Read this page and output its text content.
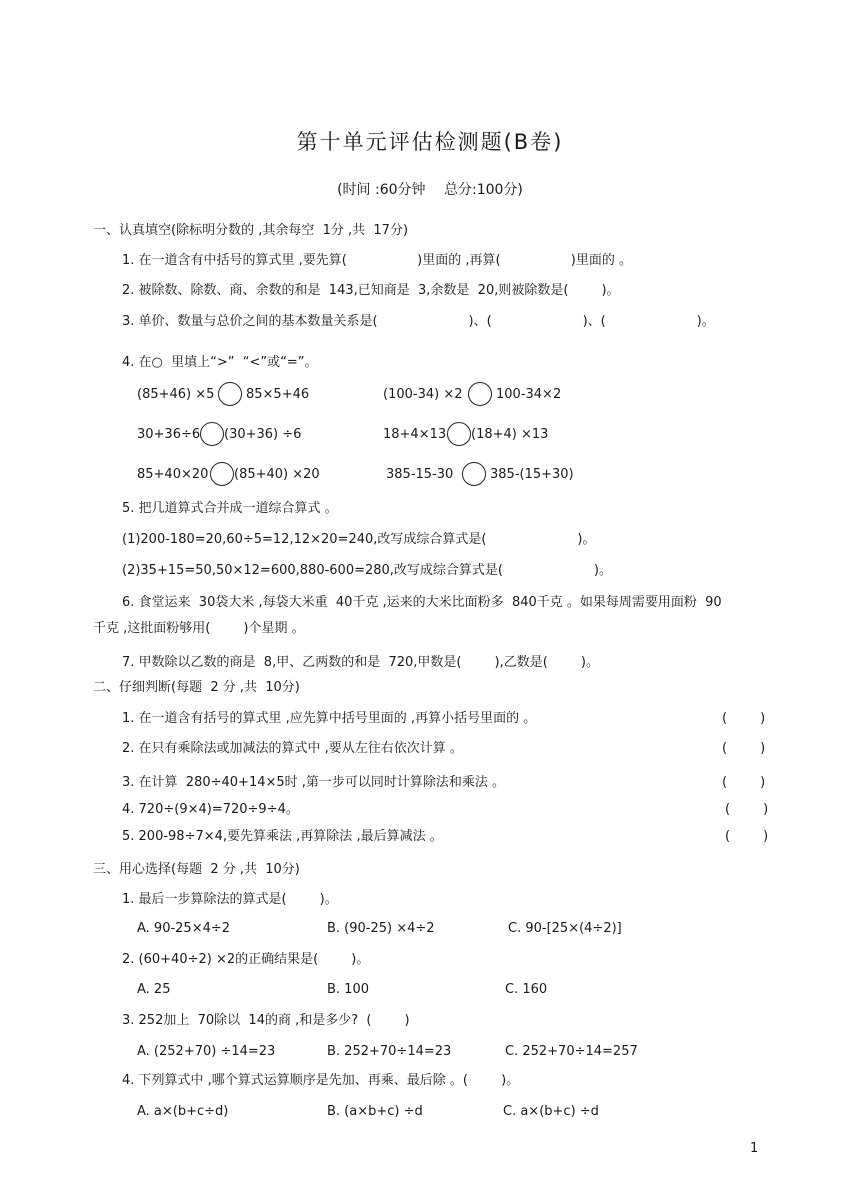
第十单元评估检测题(B卷)
(时间 :60分钟　 总分:100分)
一、认真填空(除标明分数的 ,其余每空  1分 ,共  17分)
1. 在一道含有中括号的算式里 ,要先算(                 )里面的 ,再算(                 )里面的 。
2. 被除数、除数、商、余数的和是  143,已知商是  3,余数是  20,则被除数是(        )。
3. 单价、数量与总价之间的基本数量关系是(                      )、(                      )、(                      )。
4. 在○  里填上“>”  “<”或“=”。
(85+46) ×5 85×5+46	(100-34) ×2	100-34×2
30+36÷6 (30+36) ÷6	18+4×13 (18+4) ×13
85+40×20 (85+40) ×20	385-15-30	385-(15+30)
5. 把几道算式合并成一道综合算式 。
(1)200-180=20,60÷5=12,12×20=240,改写成综合算式是(                      )。
(2)35+15=50,50×12=600,880-600=280,改写成综合算式是(                      )。
6. 食堂运来  30袋大米 ,每袋大米重  40千克 ,运来的大米比面粉多  840千克 。如果每周需要用面粉  90
千克 ,这批面粉够用(        )个星期 。
7. 甲数除以乙数的商是  8,甲、乙两数的和是  720,甲数是(        ),乙数是(        )。
二、仔细判断(每题  2 分 ,共  10分)
1. 在一道含有括号的算式里 ,应先算中括号里面的 ,再算小括号里面的 。	(        )
2. 在只有乘除法或加减法的算式中 ,要从左往右依次计算 。	(        )
3. 在计算  280÷40+14×5时 ,第一步可以同时计算除法和乘法 。	(        )
4. 720÷(9×4)=720÷9÷4。	(        )
5. 200-98÷7×4,要先算乘法 ,再算除法 ,最后算减法 。	(        )
三、用心选择(每题  2 分 ,共  10分)
1. 最后一步算除法的算式是(        )。
A. 90-25×4÷2	B. (90-25) ×4÷2	C. 90-[25×(4÷2)]
2. (60+40÷2) ×2的正确结果是(        )。
A. 25	B. 100	C. 160
3. 252加上  70除以  14的商 ,和是多少?  (        )
A. (252+70) ÷14=23	B. 252+70÷14=23	C. 252+70÷14=257
4. 下列算式中 ,哪个算式运算顺序是先加、再乘、最后除 。(        )。
A. a×(b+c÷d)	B. (a×b+c) ÷d	C. a×(b+c) ÷d
1
